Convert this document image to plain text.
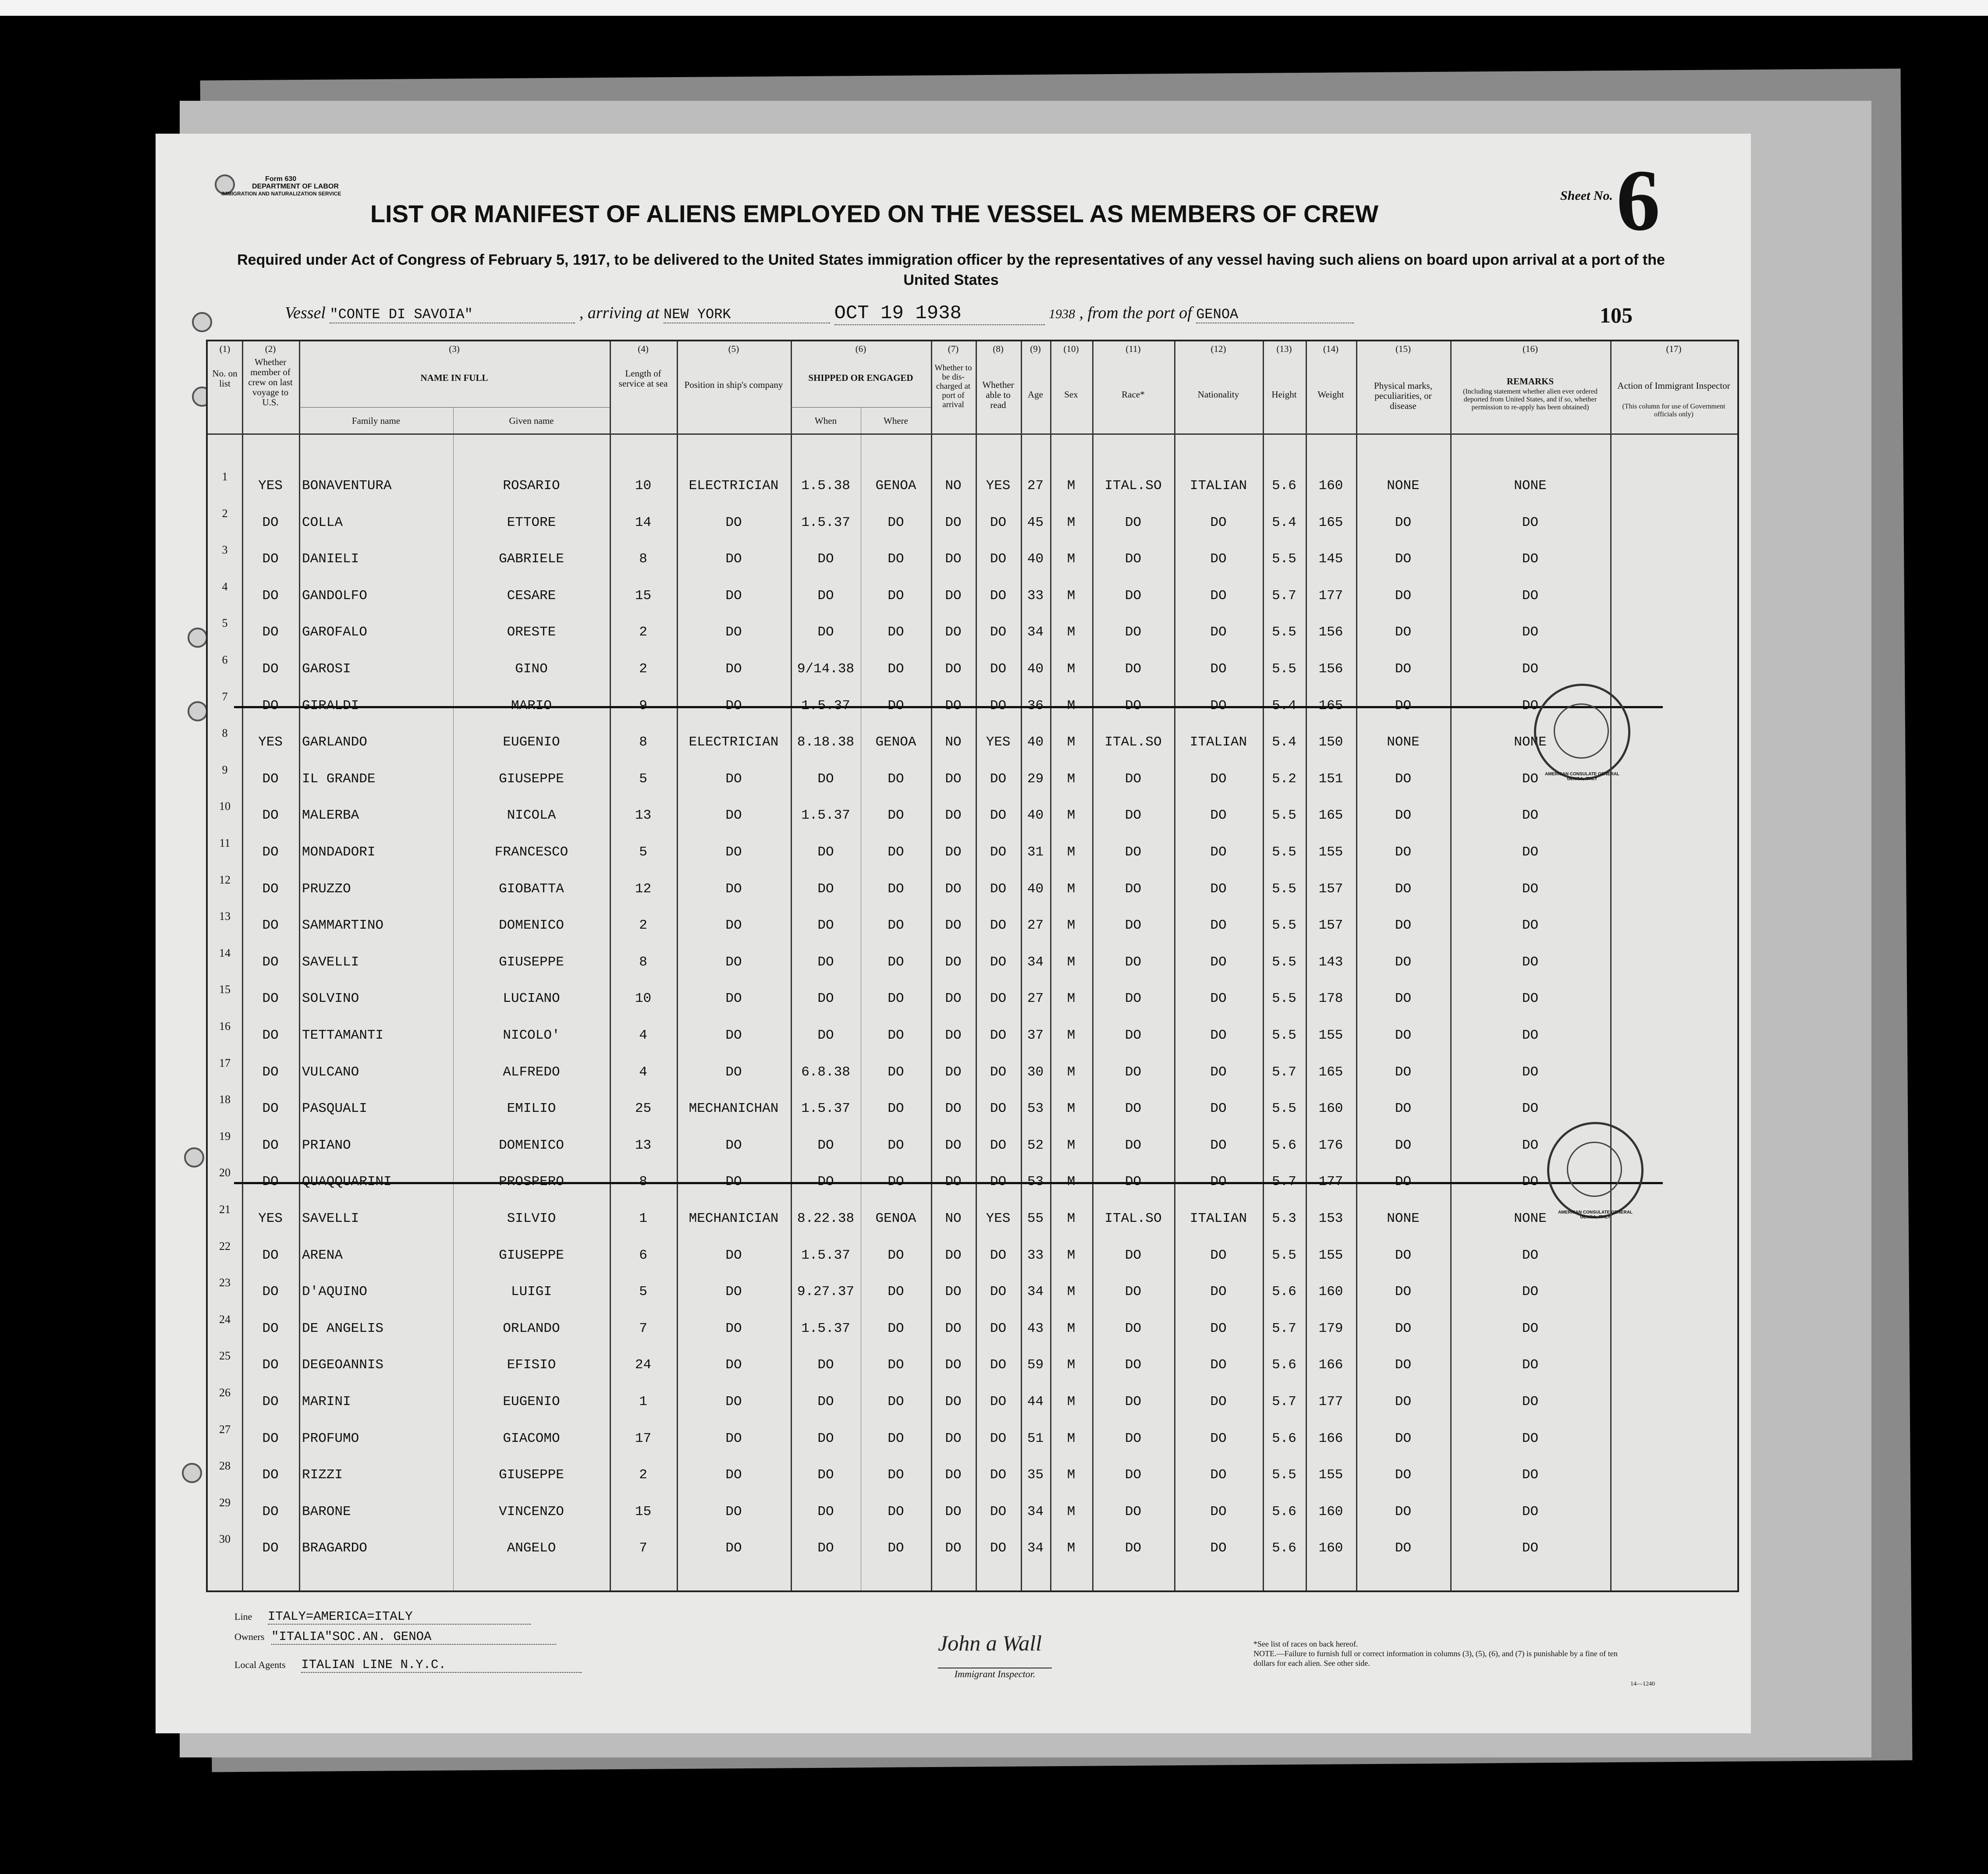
Form 630
DEPARTMENT OF LABOR
IMMIGRATION AND NATURALIZATION SERVICE
LIST OR MANIFEST OF ALIENS EMPLOYED ON THE VESSEL AS MEMBERS OF CREW
Sheet No. 6
Required under Act of Congress of February 5, 1917, to be delivered to the United States immigration officer by the representatives of any vessel having such aliens on board upon arrival at a port of the United States
Vessel "CONTE DI SAVOIA"	, arriving at NEW YORK	OCT 19 1938	1938 , from the port of GENOA	105
(1)
No. on list
(2)
Whether member of crew on last voyage to U.S.
(3)
NAME IN FULL
Family name	Given name
(4)
Length of service at sea
(5)
Position in ship's company
(6)
SHIPPED OR ENGAGED
When	Where
(7)
Whether to be dis-charged at port of arrival
(8)
Whether able to read
(9)
Age
(10)
Sex
(11)
Race*
(12)
Nationality
(13)
Height
(14)
Weight
(15)
Physical marks, peculiarities, or disease
(16)
REMARKS
(Including statement whether alien ever ordered deported from United States, and if so, whether permission to re-apply has been obtained)
(17)
Action of Immigrant Inspector
(This column for use of Government officials only)
1
YES	BONAVENTURA	ROSARIO	10	ELECTRICIAN	1.5.38	GENOA	NO	YES	27	M	ITAL.SO	ITALIAN	5.6	160	NONE	NONE
2
DO	COLLA	ETTORE	14	DO	1.5.37	DO	DO	DO	45	M	DO	DO	5.4	165	DO	DO
3
DO	DANIELI	GABRIELE	8	DO	DO	DO	DO	DO	40	M	DO	DO	5.5	145	DO	DO
4
DO	GANDOLFO	CESARE	15	DO	DO	DO	DO	DO	33	M	DO	DO	5.7	177	DO	DO
5
DO	GAROFALO	ORESTE	2	DO	DO	DO	DO	DO	34	M	DO	DO	5.5	156	DO	DO
6
DO	GAROSI	GINO	2	DO	9/14.38	DO	DO	DO	40	M	DO	DO	5.5	156	DO	DO
7
DO	GIRALDI	MARIO	9	DO	1.5.37	DO	DO	DO	36	M	DO	DO	5.4	165	DO	DO
8
YES	GARLANDO	EUGENIO	8	ELECTRICIAN	8.18.38	GENOA	NO	YES	40	M	ITAL.SO	ITALIAN	5.4	150	NONE	NONE
9
DO	IL GRANDE	GIUSEPPE	5	DO	DO	DO	DO	DO	29	M	DO	DO	5.2	151	DO	DO
10
DO	MALERBA	NICOLA	13	DO	1.5.37	DO	DO	DO	40	M	DO	DO	5.5	165	DO	DO
11
DO	MONDADORI	FRANCESCO	5	DO	DO	DO	DO	DO	31	M	DO	DO	5.5	155	DO	DO
12
DO	PRUZZO	GIOBATTA	12	DO	DO	DO	DO	DO	40	M	DO	DO	5.5	157	DO	DO
13
DO	SAMMARTINO	DOMENICO	2	DO	DO	DO	DO	DO	27	M	DO	DO	5.5	157	DO	DO
14
DO	SAVELLI	GIUSEPPE	8	DO	DO	DO	DO	DO	34	M	DO	DO	5.5	143	DO	DO
15
DO	SOLVINO	LUCIANO	10	DO	DO	DO	DO	DO	27	M	DO	DO	5.5	178	DO	DO
16
DO	TETTAMANTI	NICOLO'	4	DO	DO	DO	DO	DO	37	M	DO	DO	5.5	155	DO	DO
17
DO	VULCANO	ALFREDO	4	DO	6.8.38	DO	DO	DO	30	M	DO	DO	5.7	165	DO	DO
18
DO	PASQUALI	EMILIO	25	MECHANICHAN	1.5.37	DO	DO	DO	53	M	DO	DO	5.5	160	DO	DO
19
DO	PRIANO	DOMENICO	13	DO	DO	DO	DO	DO	52	M	DO	DO	5.6	176	DO	DO
20
DO	QUAQQUARINI	PROSPERO	8	DO	DO	DO	DO	DO	53	M	DO	DO	5.7	177	DO	DO
21
YES	SAVELLI	SILVIO	1	MECHANICIAN	8.22.38	GENOA	NO	YES	55	M	ITAL.SO	ITALIAN	5.3	153	NONE	NONE
22
DO	ARENA	GIUSEPPE	6	DO	1.5.37	DO	DO	DO	33	M	DO	DO	5.5	155	DO	DO
23
DO	D'AQUINO	LUIGI	5	DO	9.27.37	DO	DO	DO	34	M	DO	DO	5.6	160	DO	DO
24
DO	DE ANGELIS	ORLANDO	7	DO	1.5.37	DO	DO	DO	43	M	DO	DO	5.7	179	DO	DO
25
DO	DEGEOANNIS	EFISIO	24	DO	DO	DO	DO	DO	59	M	DO	DO	5.6	166	DO	DO
26
DO	MARINI	EUGENIO	1	DO	DO	DO	DO	DO	44	M	DO	DO	5.7	177	DO	DO
27
DO	PROFUMO	GIACOMO	17	DO	DO	DO	DO	DO	51	M	DO	DO	5.6	166	DO	DO
28
DO	RIZZI	GIUSEPPE	2	DO	DO	DO	DO	DO	35	M	DO	DO	5.5	155	DO	DO
29
DO	BARONE	VINCENZO	15	DO	DO	DO	DO	DO	34	M	DO	DO	5.6	160	DO	DO
30
DO	BRAGARDO	ANGELO	7	DO	DO	DO	DO	DO	34	M	DO	DO	5.6	160	DO	DO
AMERICAN CONSULATE GENERAL GENOA, ITALY
AMERICAN CONSULATE GENERAL GENOA, ITALY
Line ITALY=AMERICA=ITALY
Owners "ITALIA"SOC.AN. GENOA
Local Agents ITALIAN LINE N.Y.C.
John a Wall
Immigrant Inspector.
*See list of races on back hereof.
NOTE.—Failure to furnish full or correct information in columns (3), (5), (6), and (7) is punishable by a fine of ten dollars for each alien. See other side.
14—1240
